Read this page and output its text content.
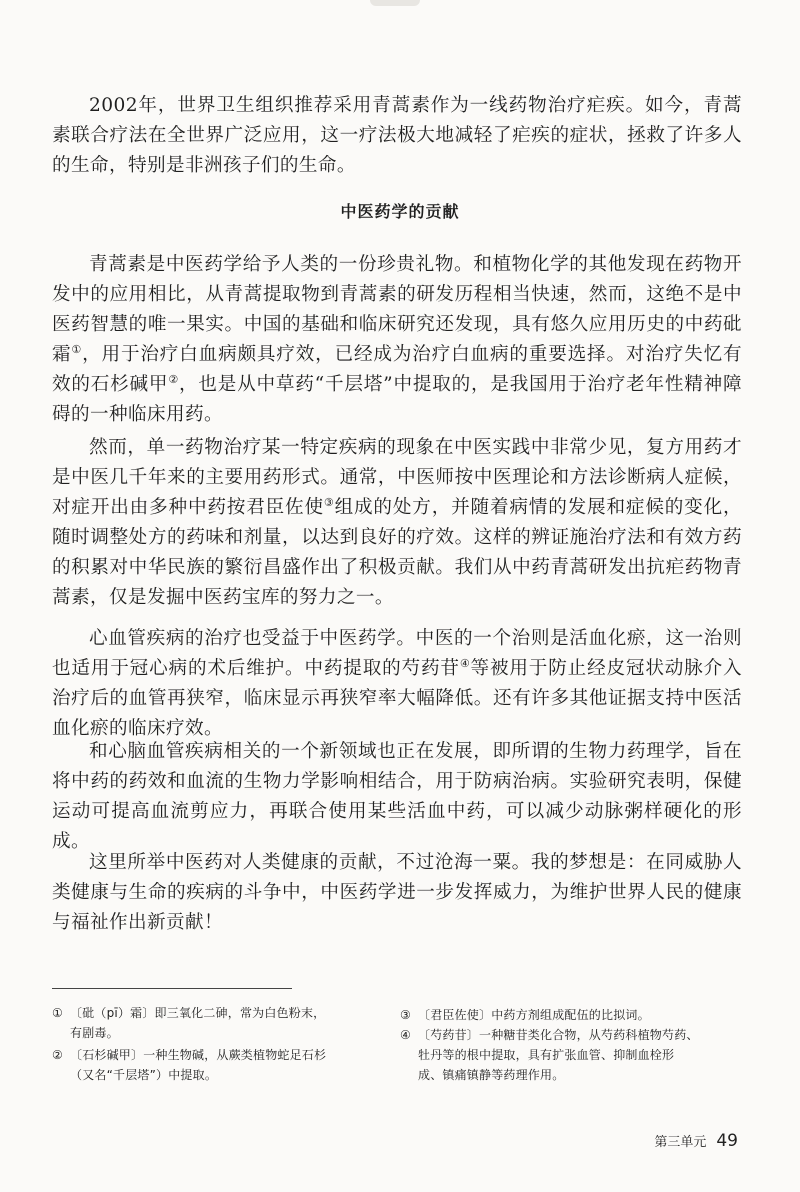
2002年，世界卫生组织推荐采用青蒿素作为一线药物治疗疟疾。如今，青蒿素联合疗法在全世界广泛应用，这一疗法极大地减轻了疟疾的症状，拯救了许多人的生命，特别是非洲孩子们的生命。

中医药学的贡献

青蒿素是中医药学给予人类的一份珍贵礼物。和植物化学的其他发现在药物开发中的应用相比，从青蒿提取物到青蒿素的研发历程相当快速，然而，这绝不是中医药智慧的唯一果实。中国的基础和临床研究还发现，具有悠久应用历史的中药砒霜①，用于治疗白血病颇具疗效，已经成为治疗白血病的重要选择。对治疗失忆有效的石杉碱甲②，也是从中草药“千层塔”中提取的，是我国用于治疗老年性精神障碍的一种临床用药。

然而，单一药物治疗某一特定疾病的现象在中医实践中非常少见，复方用药才是中医几千年来的主要用药形式。通常，中医师按中医理论和方法诊断病人症候，对症开出由多种中药按君臣佐使③组成的处方，并随着病情的发展和症候的变化，随时调整处方的药味和剂量，以达到良好的疗效。这样的辨证施治疗法和有效方药的积累对中华民族的繁衍昌盛作出了积极贡献。我们从中药青蒿研发出抗疟药物青蒿素，仅是发掘中医药宝库的努力之一。

心血管疾病的治疗也受益于中医药学。中医的一个治则是活血化瘀，这一治则也适用于冠心病的术后维护。中药提取的芍药苷④等被用于防止经皮冠状动脉介入治疗后的血管再狭窄，临床显示再狭窄率大幅降低。还有许多其他证据支持中医活血化瘀的临床疗效。

和心脑血管疾病相关的一个新领域也正在发展，即所谓的生物力药理学，旨在将中药的药效和血流的生物力学影响相结合，用于防病治病。实验研究表明，保健运动可提高血流剪应力，再联合使用某些活血中药，可以减少动脉粥样硬化的形成。

这里所举中医药对人类健康的贡献，不过沧海一粟。我的梦想是：在同威胁人类健康与生命的疾病的斗争中，中医药学进一步发挥威力，为维护世界人民的健康与福祉作出新贡献！

① 〔砒（pī）霜〕即三氧化二砷，常为白色粉末，
有剧毒。
② 〔石杉碱甲〕一种生物碱，从蕨类植物蛇足石杉
（又名“千层塔”）中提取。
③ 〔君臣佐使〕中药方剂组成配伍的比拟词。
④ 〔芍药苷〕一种糖苷类化合物，从芍药科植物芍药、
牡丹等的根中提取，具有扩张血管、抑制血栓形
成、镇痛镇静等药理作用。
第三单元 49
